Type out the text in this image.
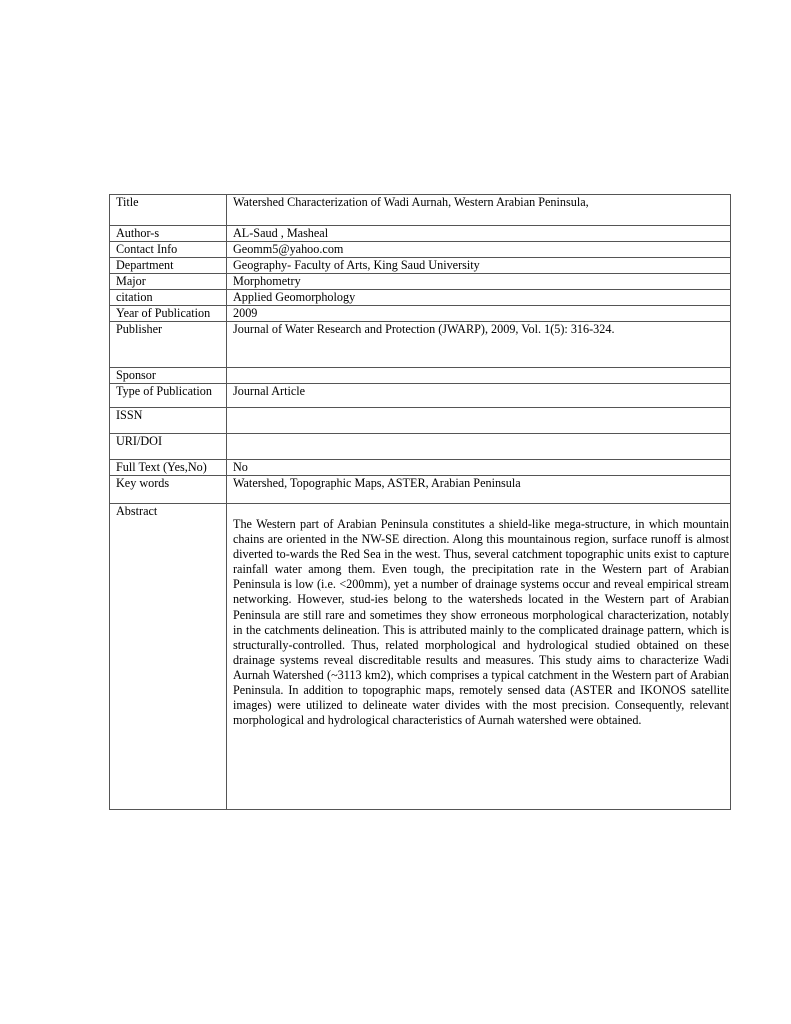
Title	Watershed Characterization of Wadi Aurnah, Western Arabian Peninsula,
Author-s	AL-Saud , Masheal
Contact Info	Geomm5@yahoo.com
Department	Geography- Faculty of Arts, King Saud University
Major	Morphometry
citation	Applied Geomorphology
Year of Publication	2009
Publisher	Journal of Water Research and Protection (JWARP), 2009, Vol. 1(5): 316-324.
Sponsor	
Type of Publication	Journal Article
ISSN	
URI/DOI	
Full Text (Yes,No)	No
Key words	Watershed, Topographic Maps, ASTER, Arabian Peninsula
Abstract	The Western part of Arabian Peninsula constitutes a shield-like mega-structure, in which mountain chains are oriented in the NW-SE direction. Along this mountainous region, surface runoff is almost diverted to-wards the Red Sea in the west. Thus, several catchment topographic units exist to capture rainfall water among them. Even tough, the precipitation rate in the Western part of Arabian Peninsula is low (i.e. <200mm), yet a number of drainage systems occur and reveal empirical stream networking. However, stud-ies belong to the watersheds located in the Western part of Arabian Peninsula are still rare and sometimes they show erroneous morphological characterization, notably in the catchments delineation. This is attributed mainly to the complicated drainage pattern, which is structurally-controlled. Thus, related morphological and hydrological studied obtained on these drainage systems reveal discreditable results and measures. This study aims to characterize Wadi Aurnah Watershed (~3113 km2), which comprises a typical catchment in the Western part of Arabian Peninsula. In addition to topographic maps, remotely sensed data (ASTER and IKONOS satellite images) were utilized to delineate water divides with the most precision. Consequently, relevant morphological and hydrological characteristics of Aurnah watershed were obtained.
